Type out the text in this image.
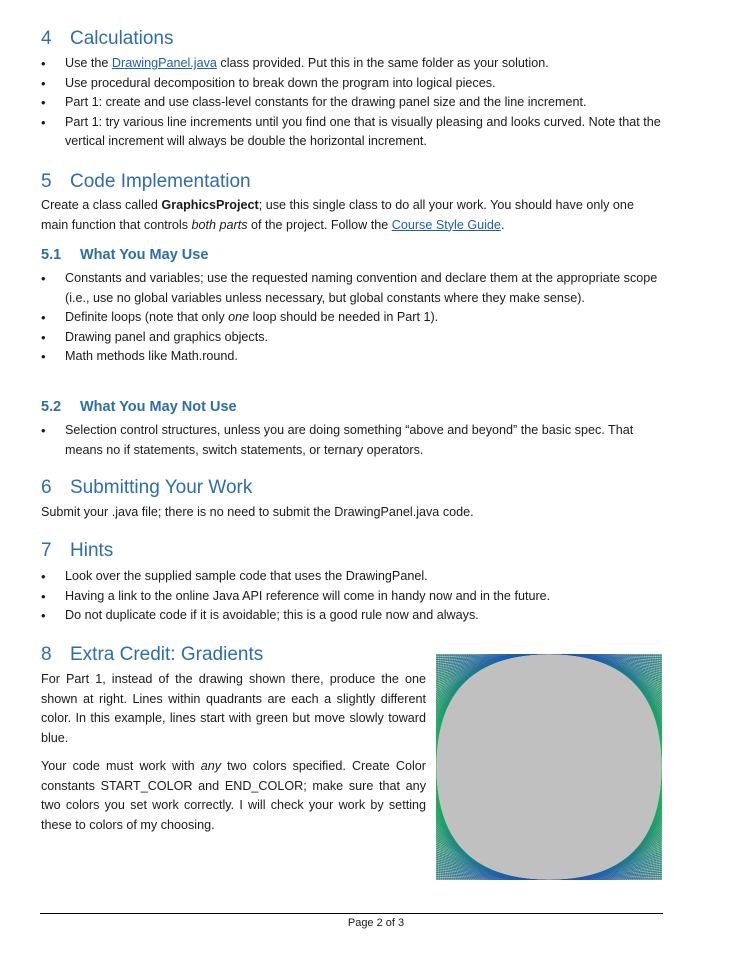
4 Calculations
• Use the DrawingPanel.java class provided. Put this in the same folder as your solution.
• Use procedural decomposition to break down the program into logical pieces.
• Part 1: create and use class-level constants for the drawing panel size and the line increment.
• Part 1: try various line increments until you find one that is visually pleasing and looks curved. Note that the vertical increment will always be double the horizontal increment.
5 Code Implementation

Create a class called GraphicsProject; use this single class to do all your work. You should have only one main function that controls both parts of the project. Follow the Course Style Guide.

5.1 What You May Use
• Constants and variables; use the requested naming convention and declare them at the appropriate scope (i.e., use no global variables unless necessary, but global constants where they make sense).
• Definite loops (note that only one loop should be needed in Part 1).
• Drawing panel and graphics objects.
• Math methods like Math.round.
5.2 What You May Not Use
• Selection control structures, unless you are doing something “above and beyond” the basic spec. That means no if statements, switch statements, or ternary operators.
6 Submitting Your Work

Submit your .java file; there is no need to submit the DrawingPanel.java code.

7 Hints
• Look over the supplied sample code that uses the DrawingPanel.
• Having a link to the online Java API reference will come in handy now and in the future.
• Do not duplicate code if it is avoidable; this is a good rule now and always.
8 Extra Credit: Gradients

For Part 1, instead of the drawing shown there, produce the one shown at right. Lines within quadrants are each a slightly different color. In this example, lines start with green but move slowly toward blue.

Your code must work with any two colors specified. Create Color constants START_COLOR and END_COLOR; make sure that any two colors you set work correctly. I will check your work by setting these to colors of my choosing.

Page 2 of 3
